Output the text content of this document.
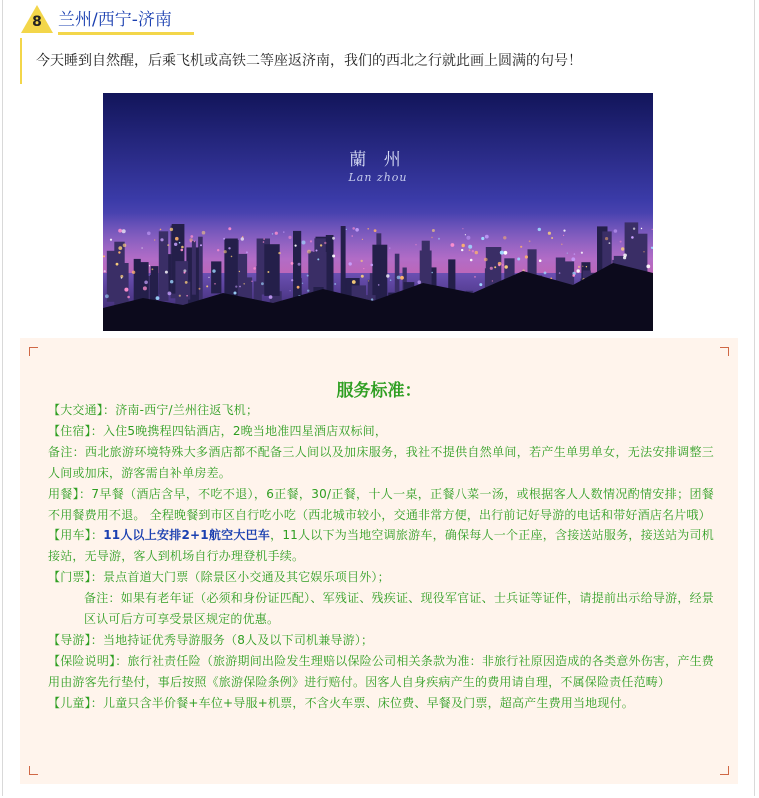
8 兰州/西宁-济南
今天睡到自然醒，后乘飞机或高铁二等座返济南，我们的西北之行就此画上圆满的句号！
蘭 州
Lan zhou
服务标准：

【大交通】：济南-西宁/兰州往返飞机；

【住宿】：入住5晚携程四钻酒店，2晚当地准四星酒店双标间，

备注：西北旅游环境特殊大多酒店都不配备三人间以及加床服务，我社不提供自然单间，若产生单男单女，无法安排调整三人间或加床，游客需自补单房差。

用餐】：7早餐（酒店含早，不吃不退），6正餐，30/正餐，十人一桌，正餐八菜一汤，或根据客人人数情况酌情安排；团餐不用餐费用不退。 全程晚餐到市区自行吃小吃（西北城市较小，交通非常方便，出行前记好导游的电话和带好酒店名片哦）

【用车】：11人以上安排2+1航空大巴车，11人以下为当地空调旅游车，确保每人一个正座，含接送站服务，接送站为司机接站，无导游，客人到机场自行办理登机手续。

【门票】：景点首道大门票（除景区小交通及其它娱乐项目外）；

备注：如果有老年证（必须和身份证匹配）、军残证、残疾证、现役军官证、士兵证等证件，请提前出示给导游，经景区认可后方可享受景区规定的优惠。

【导游】：当地持证优秀导游服务（8人及以下司机兼导游）；

【保险说明】：旅行社责任险（旅游期间出险发生理赔以保险公司相关条款为准：非旅行社原因造成的各类意外伤害，产生费用由游客先行垫付，事后按照《旅游保险条例》进行赔付。因客人自身疾病产生的费用请自理，不属保险责任范畴）

【儿童】：儿童只含半价餐+车位+导服+机票，不含火车票、床位费、早餐及门票，超高产生费用当地现付。
